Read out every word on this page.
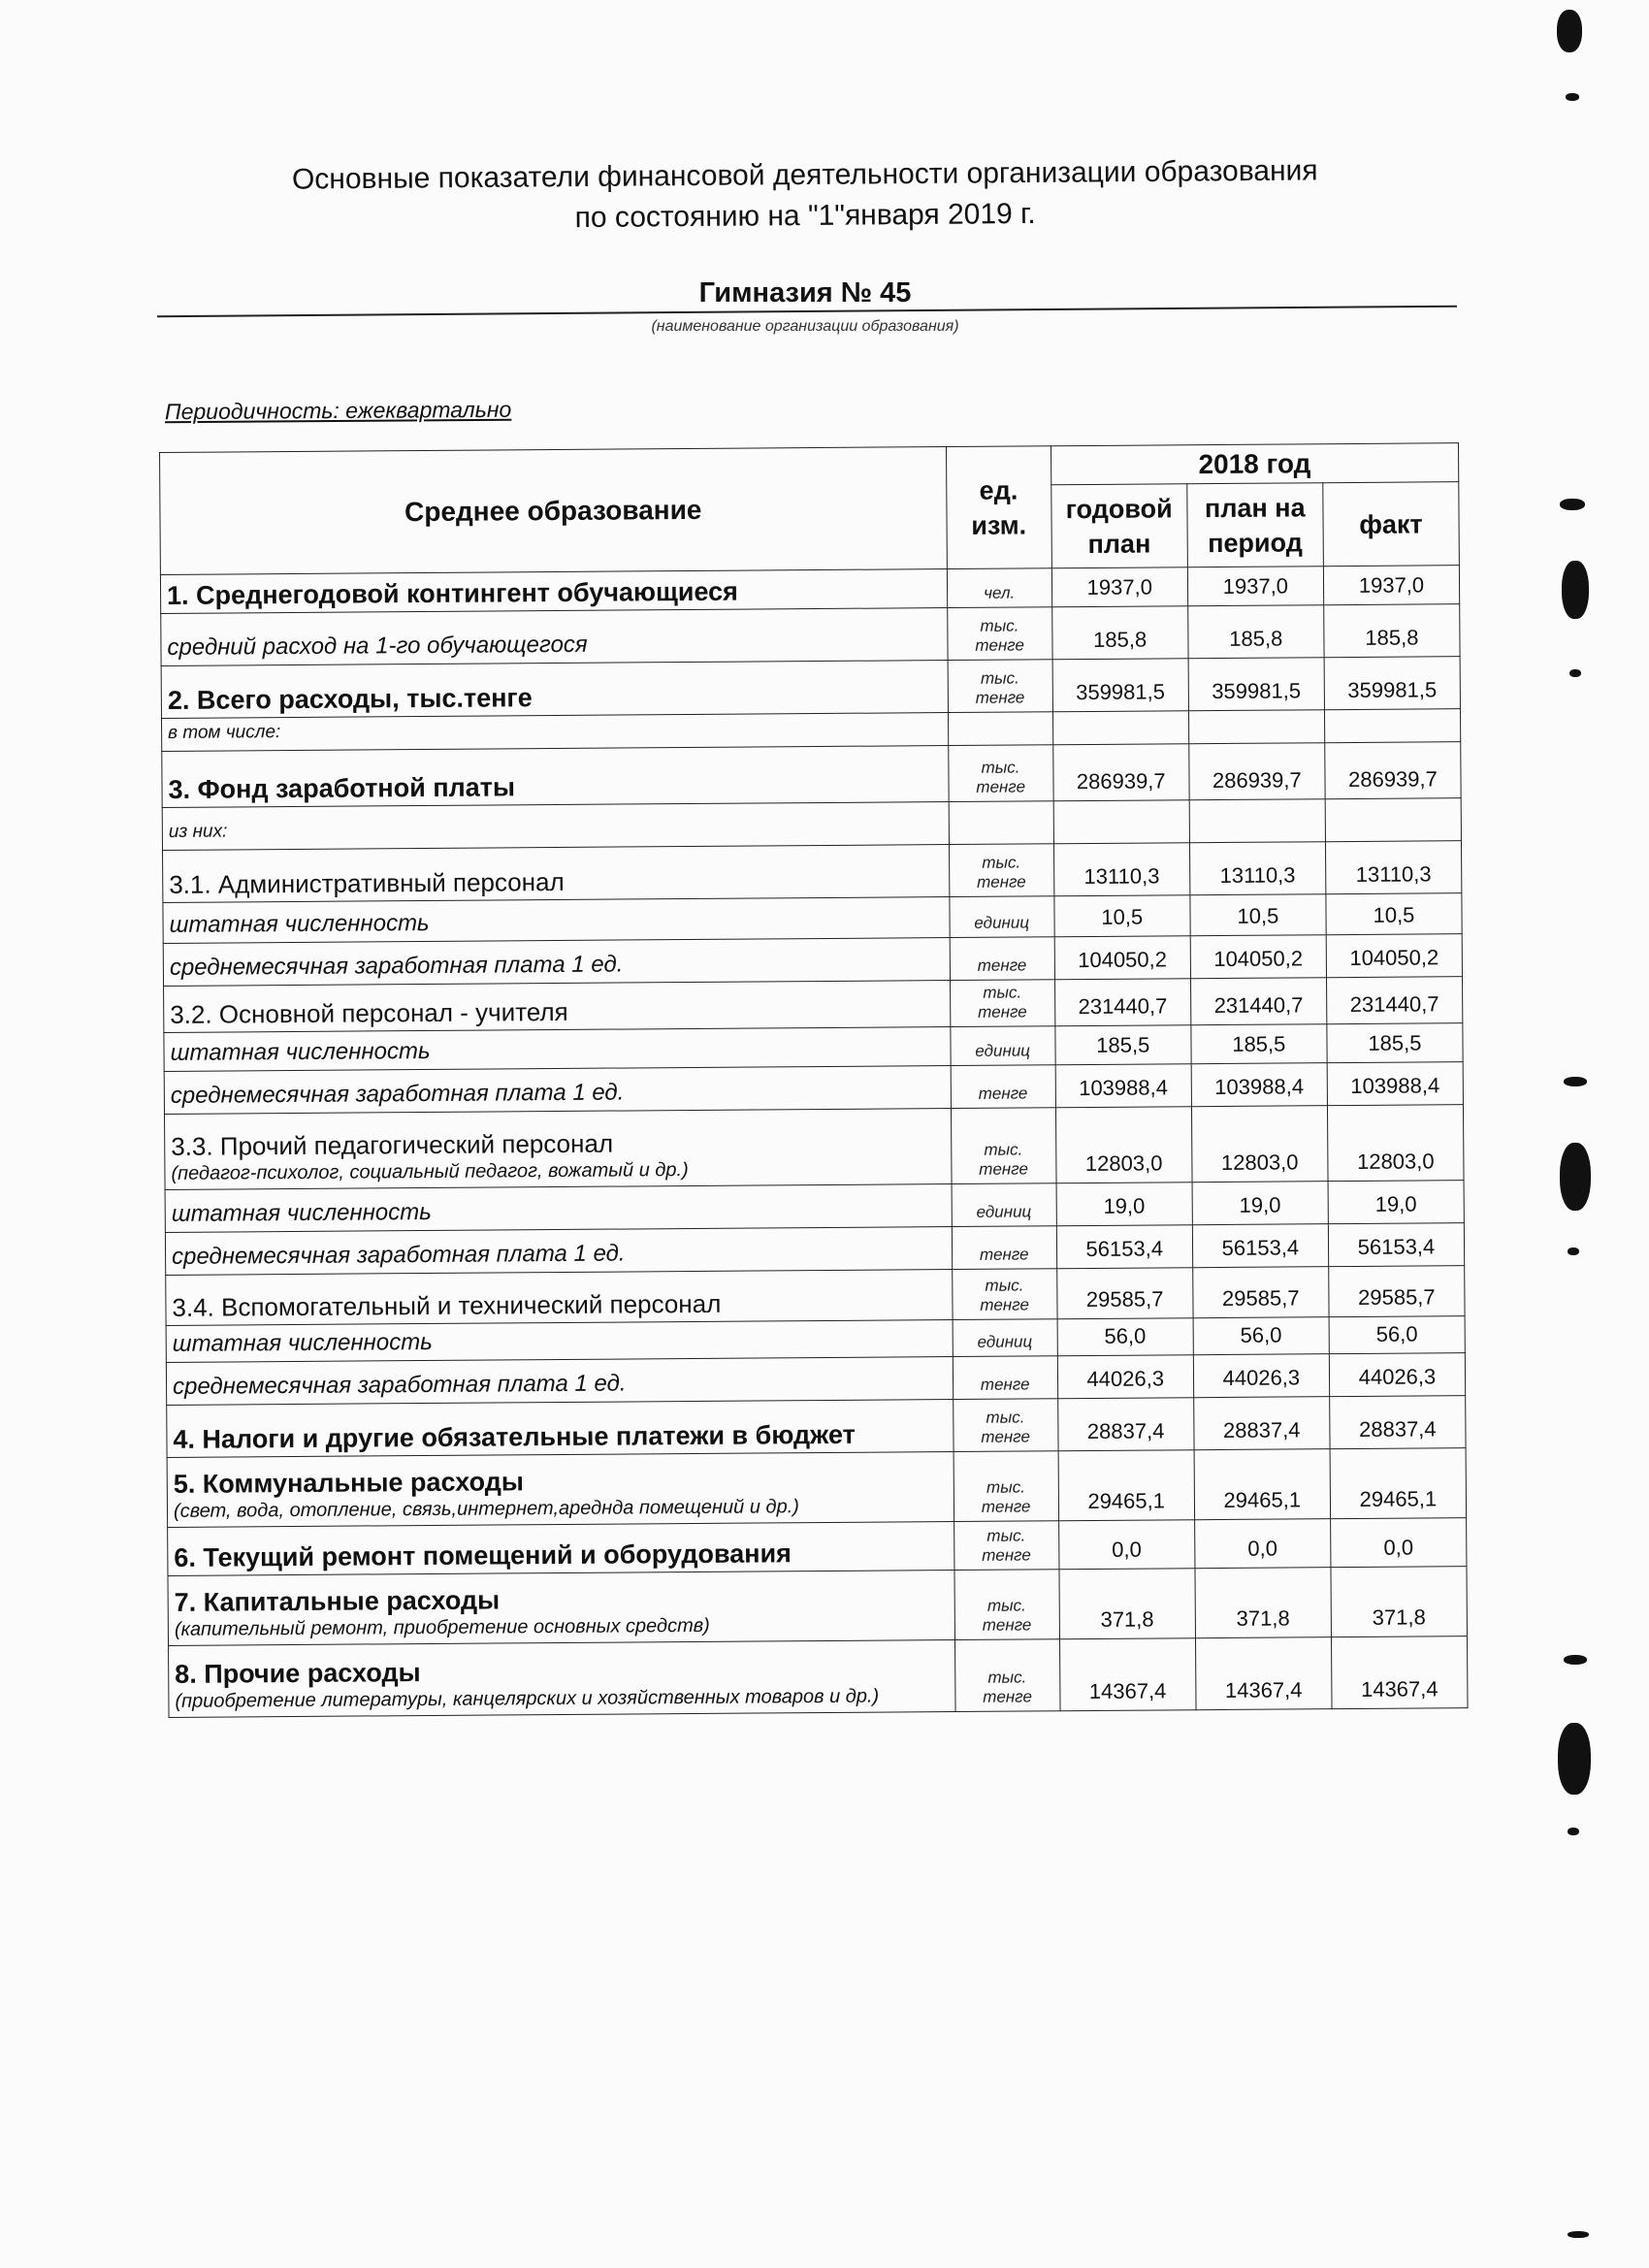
Основные показатели финансовой деятельности организации образования
по состоянию на "1"января 2019 г.
Гимназия № 45
(наименование организации образования)
Периодичность: ежеквартально
Среднее образование	ед. изм.	2018 год		
		годовой план	план на период	факт
1. Среднегодовой контингент обучающиеся	чел.	1937,0	1937,0	1937,0
средний расход на 1-го обучающегося	тыс. тенге	185,8	185,8	185,8
2. Всего расходы, тыс.тенге	тыс. тенге	359981,5	359981,5	359981,5
в том числе:				
3. Фонд заработной платы	тыс. тенге	286939,7	286939,7	286939,7
из них:				
3.1. Административный персонал	тыс. тенге	13110,3	13110,3	13110,3
штатная численность	единиц	10,5	10,5	10,5
среднемесячная заработная плата 1 ед.	тенге	104050,2	104050,2	104050,2
3.2. Основной персонал - учителя	тыс. тенге	231440,7	231440,7	231440,7
штатная численность	единиц	185,5	185,5	185,5
среднемесячная заработная плата 1 ед.	тенге	103988,4	103988,4	103988,4
3.3. Прочий педагогический персонал
(педагог-психолог, социальный педагог, вожатый и др.)	тыс. тенге	12803,0	12803,0	12803,0
штатная численность	единиц	19,0	19,0	19,0
среднемесячная заработная плата 1 ед.	тенге	56153,4	56153,4	56153,4
3.4. Вспомогательный и технический персонал	тыс. тенге	29585,7	29585,7	29585,7
штатная численность	единиц	56,0	56,0	56,0
среднемесячная заработная плата 1 ед.	тенге	44026,3	44026,3	44026,3
4. Налоги и другие обязательные платежи в бюджет	тыс. тенге	28837,4	28837,4	28837,4
5. Коммунальные расходы
(свет, вода, отопление, связь,интернет,ареднда помещений и др.)	тыс. тенге	29465,1	29465,1	29465,1
6. Текущий ремонт помещений и оборудования	тыс. тенге	0,0	0,0	0,0
7. Капитальные расходы
(капительный ремонт, приобретение основных средств)	тыс. тенге	371,8	371,8	371,8
8. Прочие расходы
(приобретение литературы, канцелярских и хозяйственных товаров и др.)	тыс. тенге	14367,4	14367,4	14367,4
